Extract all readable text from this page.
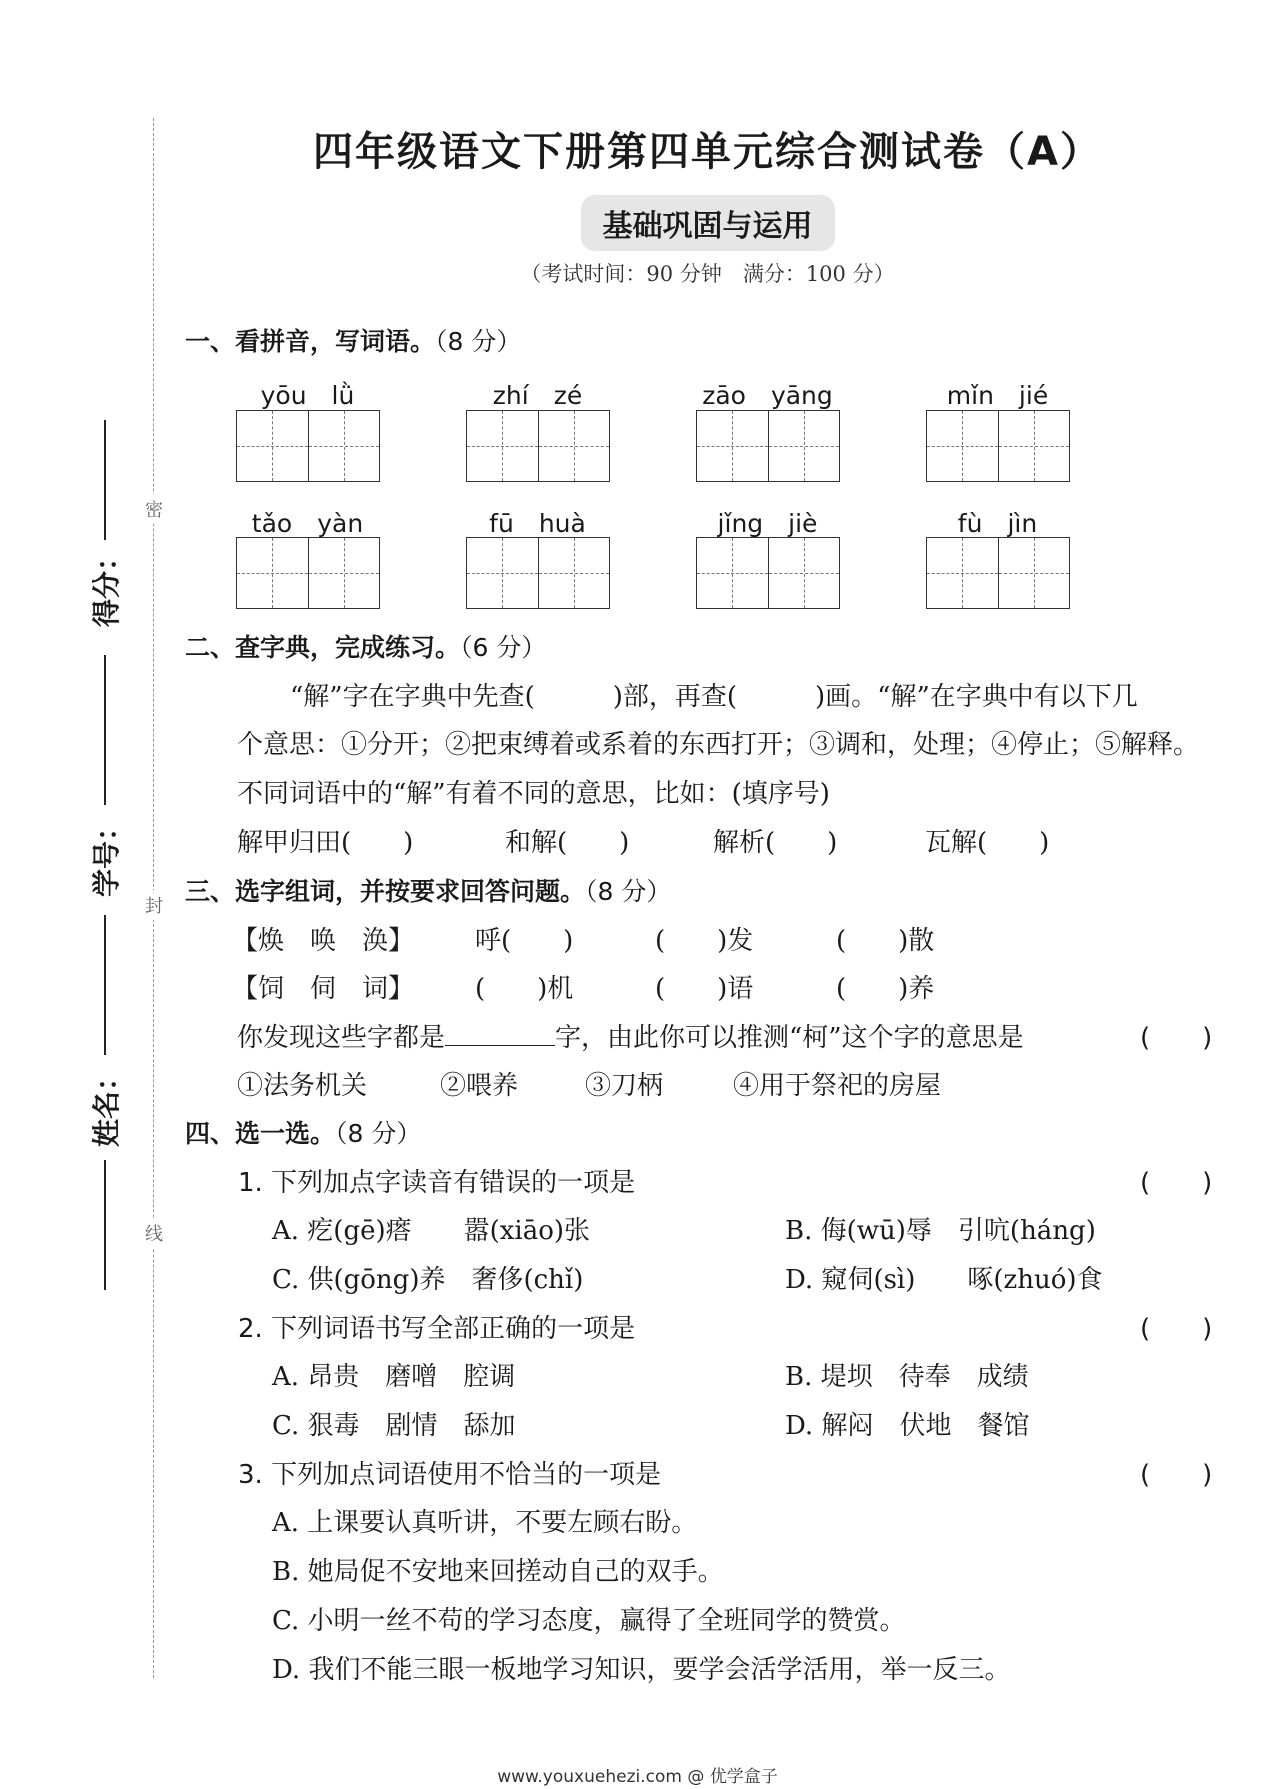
密
封
线
得分：
学号：
姓名：
四年级语文下册第四单元综合测试卷（A）
基础巩固与运用
（考试时间：90 分钟　满分：100 分）
一、看拼音，写词语。（8 分）
yōu　lǜ	zhí　zé	zāo　yāng	mǐn　jié
tǎo　yàn	fū　huà	jǐng　jiè	fù　jìn
二、查字典，完成练习。（6 分）
“解”字在字典中先查(　　　)部，再查(　　　)画。“解”在字典中有以下几
个意思：①分开；②把束缚着或系着的东西打开；③调和，处理；④停止；⑤解释。
不同词语中的“解”有着不同的意思，比如：(填序号)
解甲归田(　　)	和解(　　)	解析(　　)	瓦解(　　)
三、选字组词，并按要求回答问题。（8 分）
【焕　唤　涣】 呼(　　)	(　　)发	(　　)散
【饲　伺　词】 (　　)机	(　　)语	(　　)养
你发现这些字都是	字，由此你可以推测“柯”这个字的意思是	(　　)
①法务机关	②喂养	③刀柄	④用于祭祀的房屋
四、选一选。（8 分）
1. 下列加点字读音有错误的一项是	(　　)
A. 疙(gē)瘩　　嚣(xiāo)张	B. 侮(wū)辱　引吭(háng)
C. 供(gōng)养　奢侈(chǐ)	D. 窥伺(sì)　　啄(zhuó)食
2. 下列词语书写全部正确的一项是	(　　)
A. 昂贵　磨噌　腔调	B. 堤坝　待奉　成绩
C. 狠毒　剧情　舔加	D. 解闷　伏地　餐馆
3. 下列加点词语使用不恰当的一项是	(　　)
A. 上课要认真听讲，不要左顾右盼。
B. 她局促不安地来回搓动自己的双手。
C. 小明一丝不苟的学习态度，赢得了全班同学的赞赏。
D. 我们不能三眼一板地学习知识，要学会活学活用，举一反三。
www.youxuehezi.com @ 优学盒子
